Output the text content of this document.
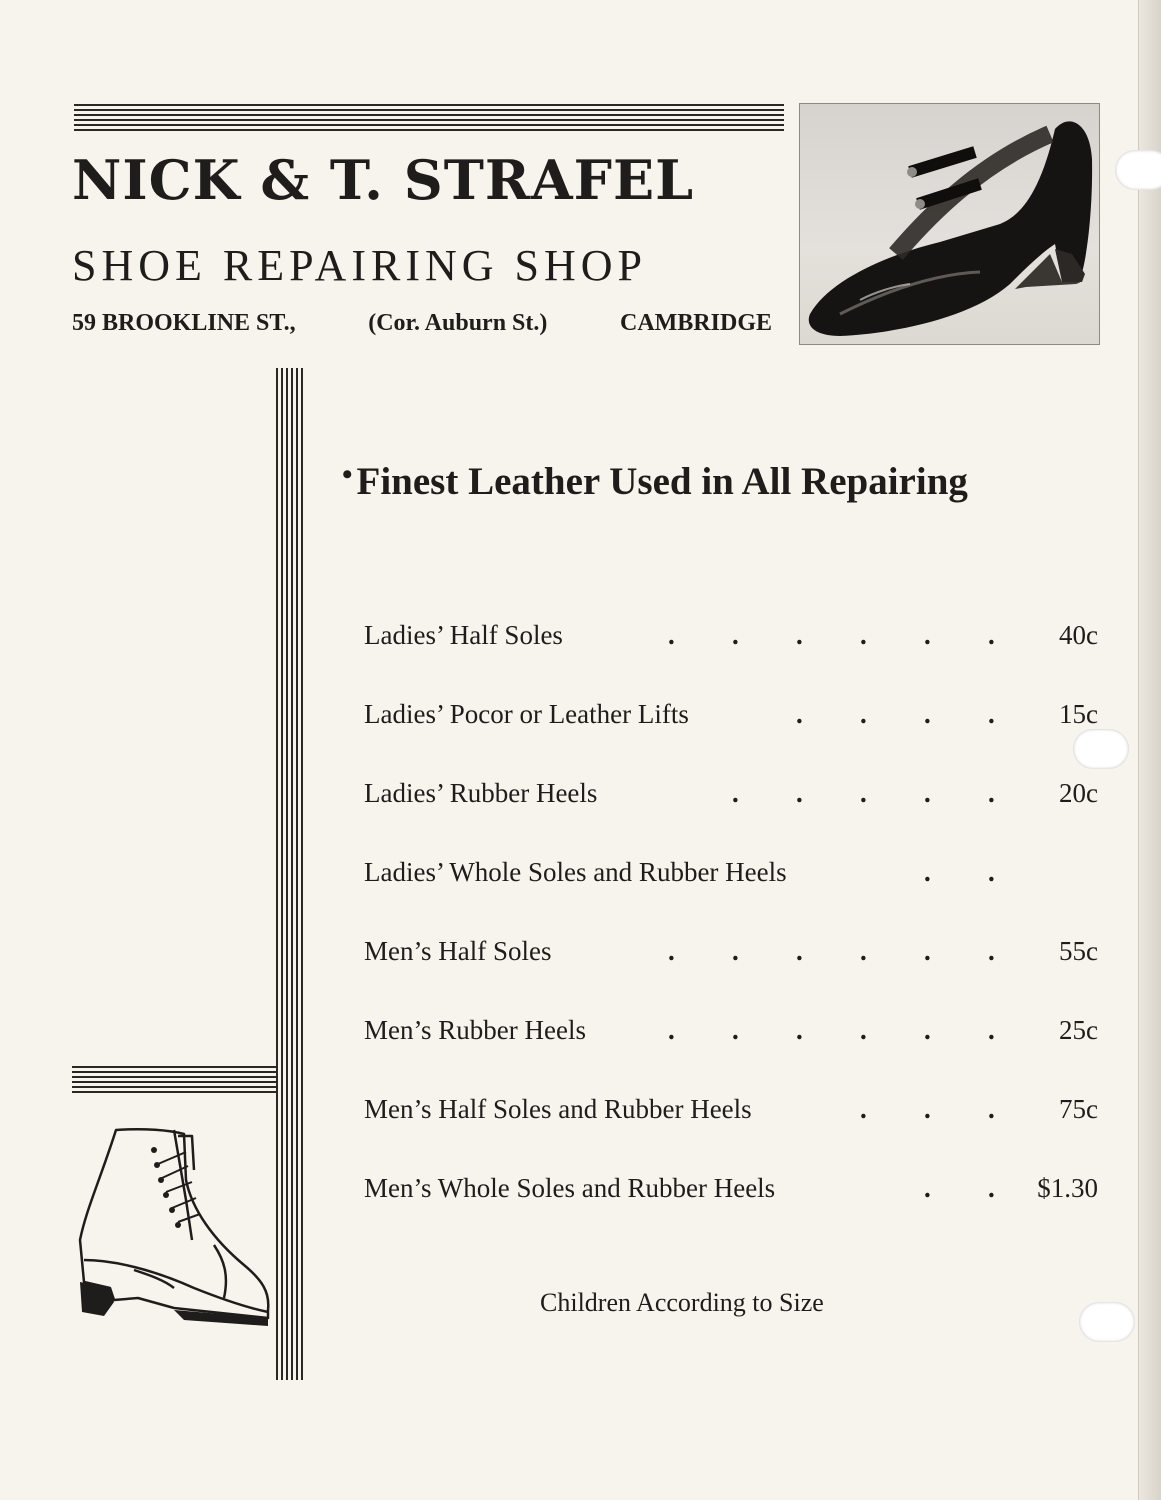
NICK & T. STRAFEL
SHOE REPAIRING SHOP
59 BROOKLINE ST.,	(Cor. Auburn St.)	CAMBRIDGE
• Finest Leather Used in All Repairing
Ladies’ Half Soles	. . . . . . 40c
Ladies’ Pocor or Leather Lifts	. . . . 15c
Ladies’ Rubber Heels	. . . . . 20c
Ladies’ Whole Soles and Rubber Heels	. .
Men’s Half Soles	. . . . . . 55c
Men’s Rubber Heels	. . . . . . 25c
Men’s Half Soles and Rubber Heels	. . . 75c
Men’s Whole Soles and Rubber Heels	. . $1.30
Children According to Size
